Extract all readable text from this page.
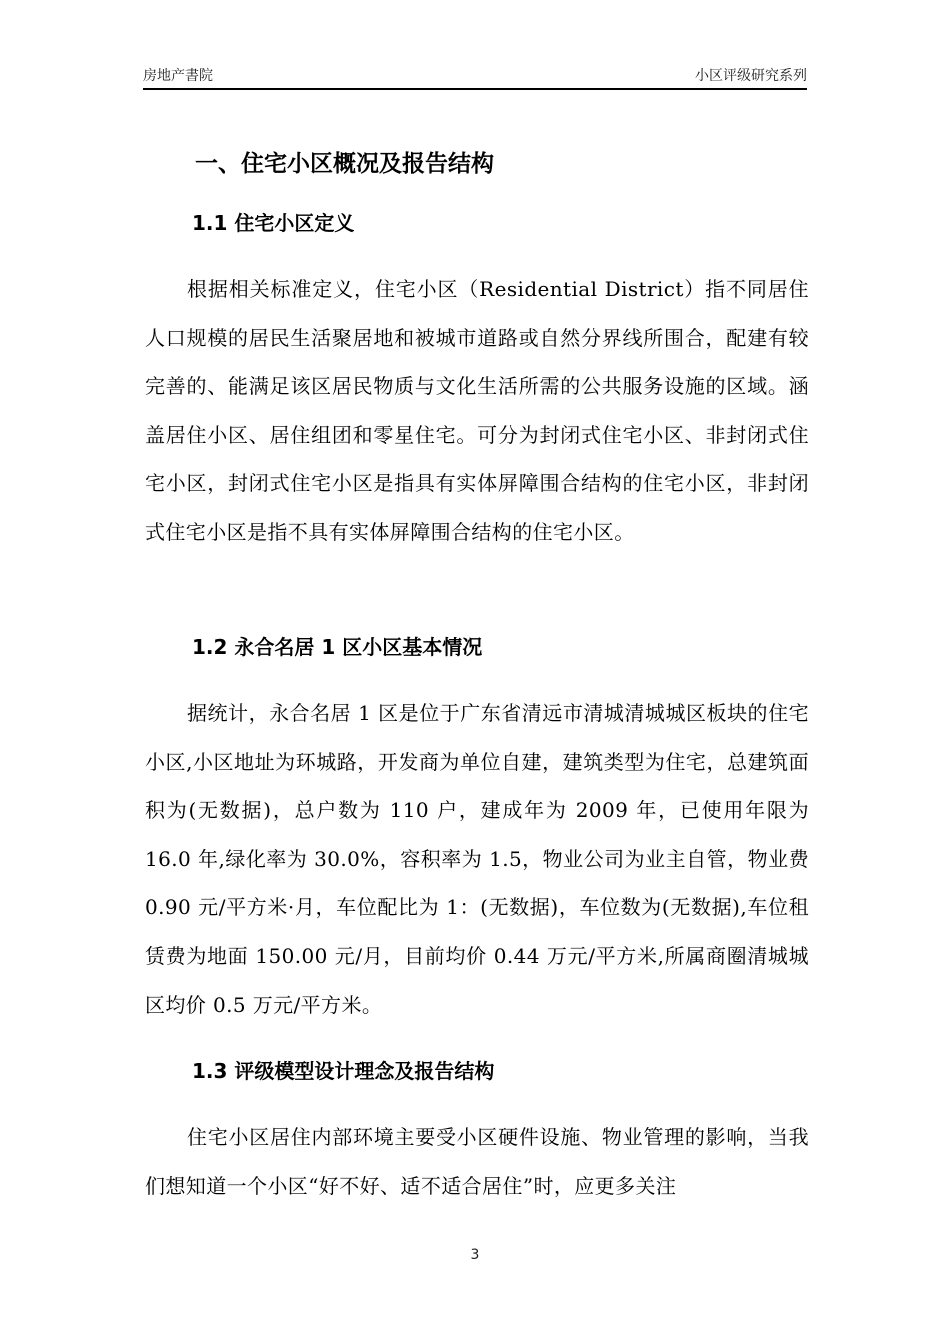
房地产書院	小区评级研究系列
一、住宅小区概况及报告结构
1.1 住宅小区定义
根据相关标准定义，住宅小区（Residential District）指不同居住人口规模的居民生活聚居地和被城市道路或自然分界线所围合，配建有较完善的、能满足该区居民物质与文化生活所需的公共服务设施的区域。涵盖居住小区、居住组团和零星住宅。可分为封闭式住宅小区、非封闭式住宅小区，封闭式住宅小区是指具有实体屏障围合结构的住宅小区，非封闭式住宅小区是指不具有实体屏障围合结构的住宅小区。
1.2 永合名居 1 区小区基本情况
据统计，永合名居 1 区是位于广东省清远市清城清城城区板块的住宅小区,小区地址为环城路，开发商为单位自建，建筑类型为住宅，总建筑面积为(无数据)，总户数为 110 户，建成年为 2009 年，已使用年限为 16.0 年,绿化率为 30.0%，容积率为 1.5，物业公司为业主自管，物业费 0.90 元/平方米·月，车位配比为 1：(无数据)，车位数为(无数据),车位租赁费为地面 150.00 元/月，目前均价 0.44 万元/平方米,所属商圈清城城区均价 0.5 万元/平方米。
1.3 评级模型设计理念及报告结构
住宅小区居住内部环境主要受小区硬件设施、物业管理的影响，当我们想知道一个小区“好不好、适不适合居住”时，应更多关注
3
